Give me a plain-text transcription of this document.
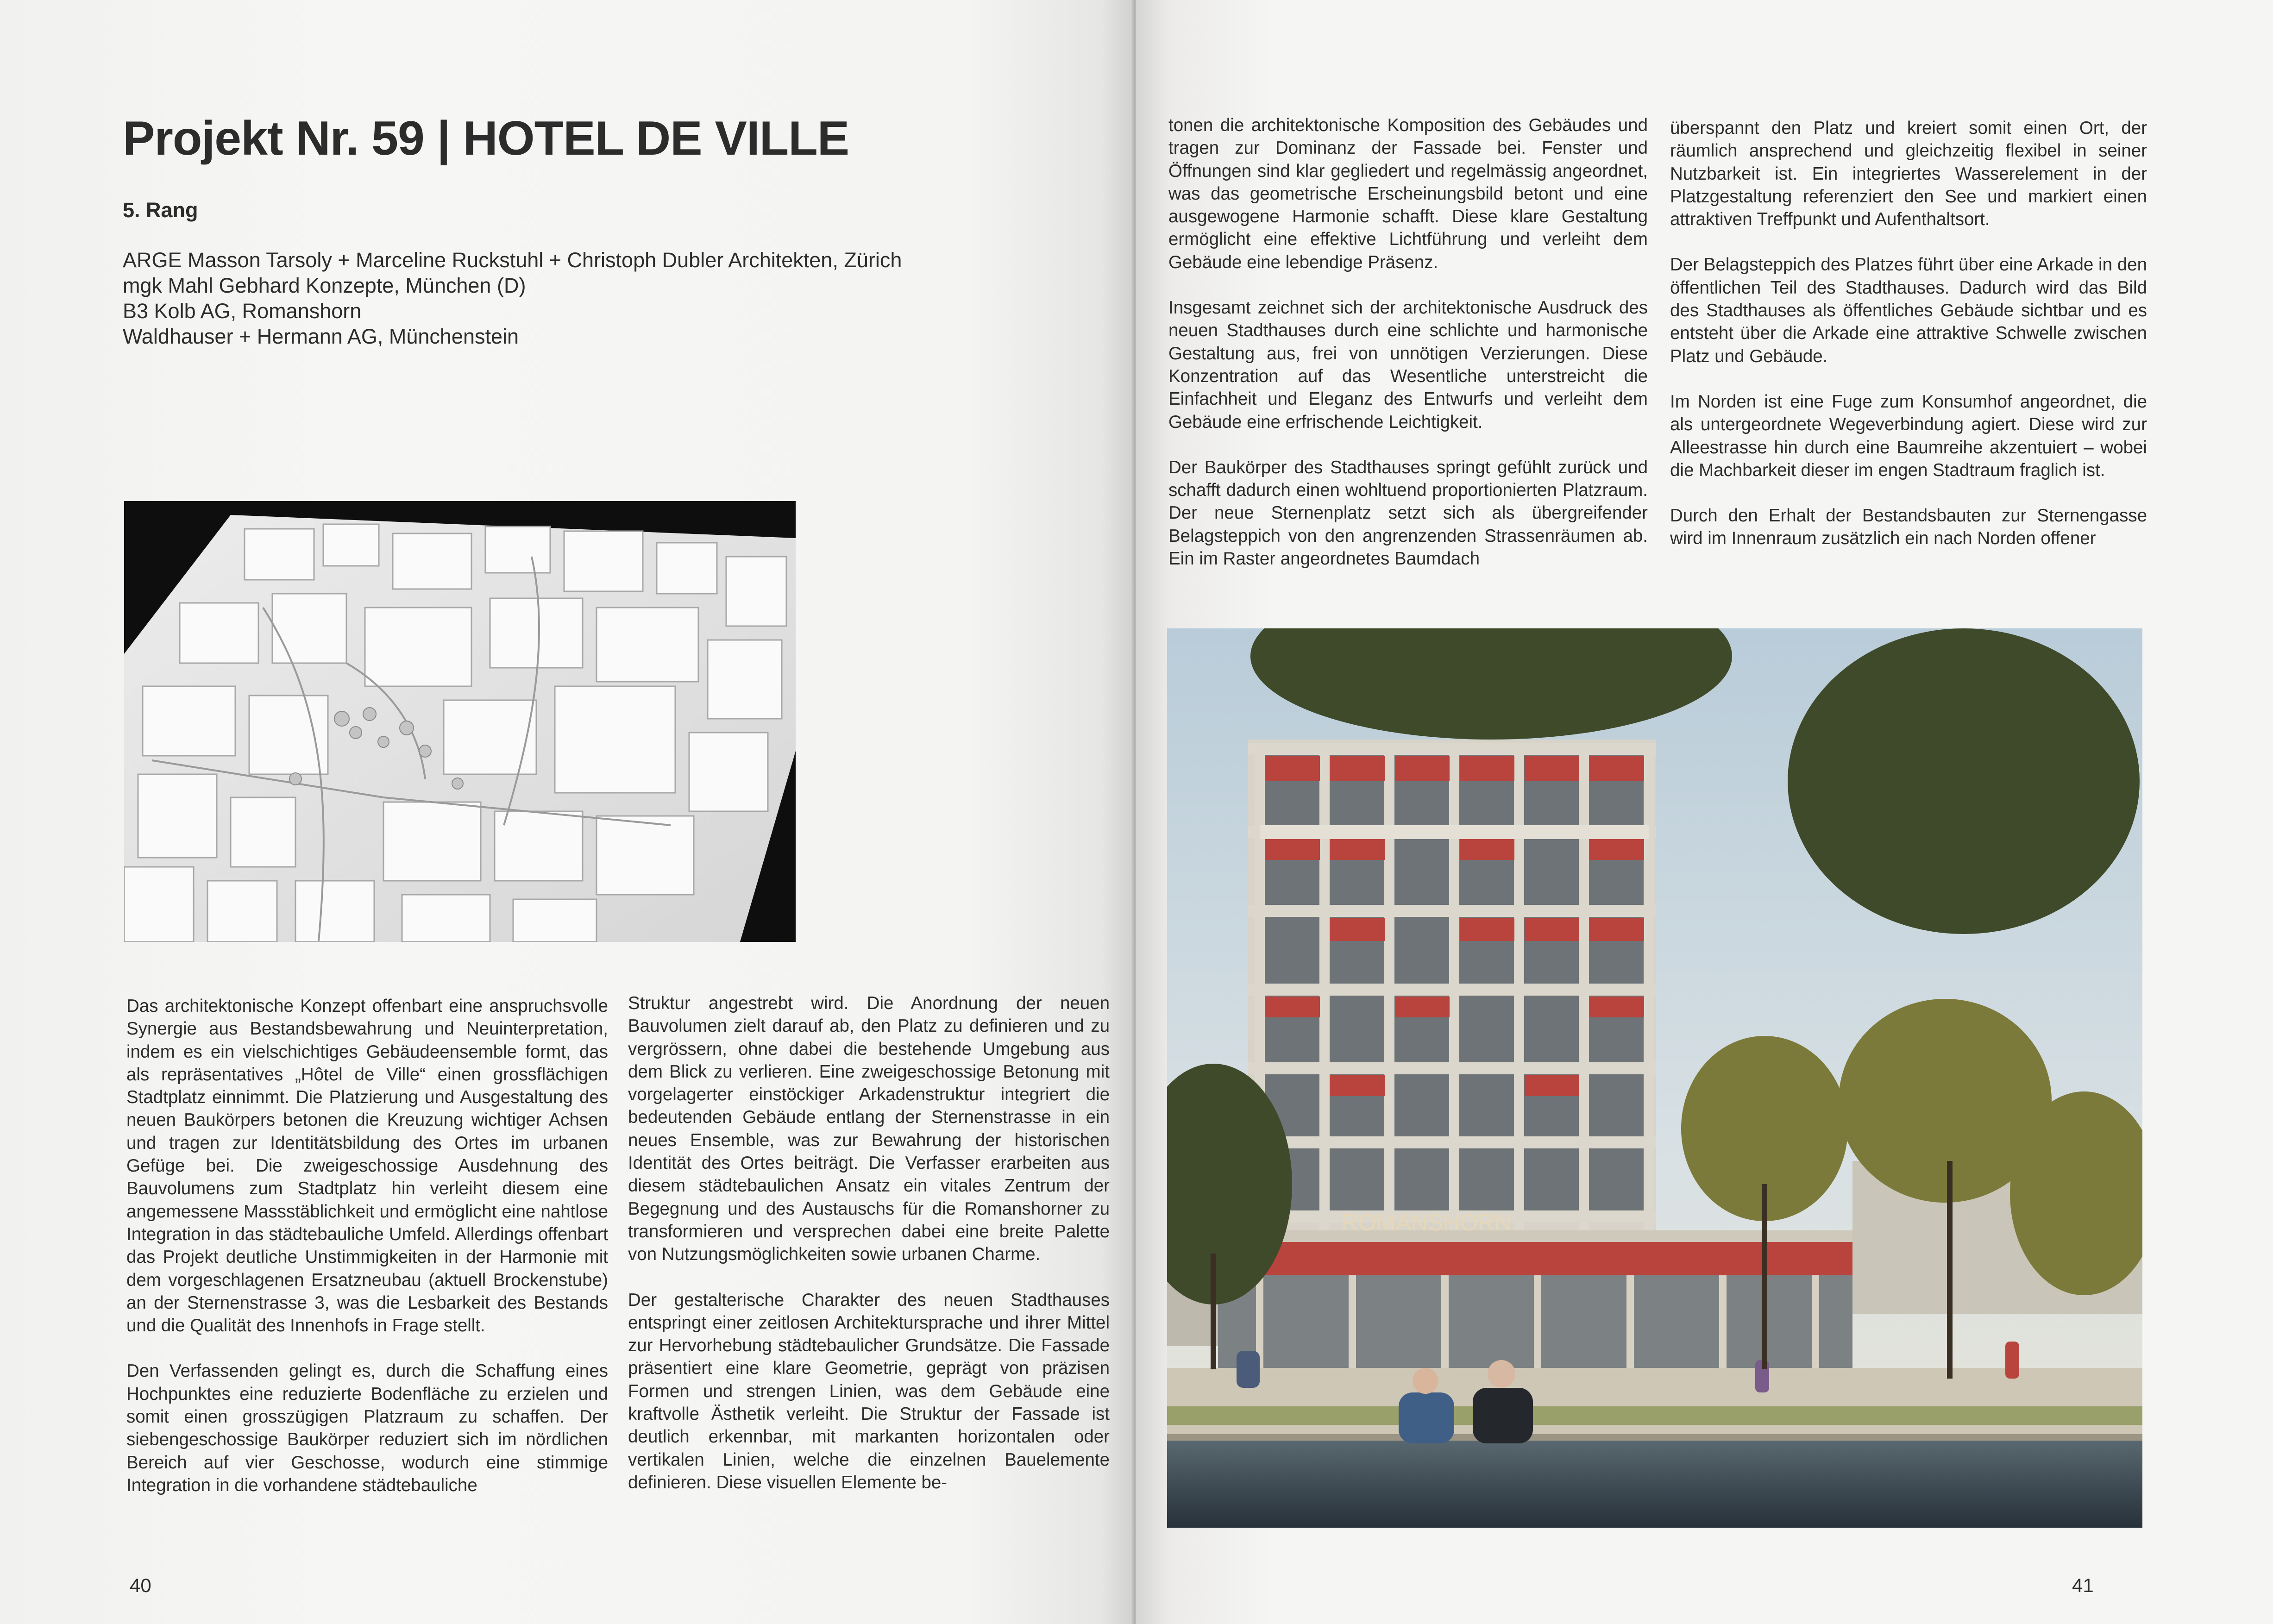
Projekt Nr. 59 | HOTEL DE VILLE
5. Rang
ARGE Masson Tarsoly + Marceline Ruckstuhl + Christoph Dubler Architekten, Zürich
mgk Mahl Gebhard Konzepte, München (D)
B3 Kolb AG, Romanshorn
Waldhauser + Hermann AG, Münchenstein

Das architektonische Konzept offenbart eine anspruchsvolle Synergie aus Bestandsbewahrung und Neuinterpretation, indem es ein vielschichtiges Gebäudeensemble formt, das als repräsentatives „Hôtel de Ville“ einen grossflächigen Stadtplatz einnimmt. Die Platzierung und Ausgestaltung des neuen Baukörpers betonen die Kreuzung wichtiger Achsen und tragen zur Identitätsbildung des Ortes im urbanen Gefüge bei. Die zweigeschossige Ausdehnung des Bauvolumens zum Stadtplatz hin verleiht diesem eine angemessene Massstäblichkeit und ermöglicht eine nahtlose Integration in das städtebauliche Umfeld. Allerdings offenbart das Projekt deutliche Unstimmigkeiten in der Harmonie mit dem vorgeschlagenen Ersatzneubau (aktuell Brockenstube) an der Sternenstrasse 3, was die Lesbarkeit des Bestands und die Qualität des Innenhofs in Frage stellt.

Den Verfassenden gelingt es, durch die Schaffung eines Hochpunktes eine reduzierte Bodenfläche zu erzielen und somit einen grosszügigen Platzraum zu schaffen. Der siebengeschossige Baukörper reduziert sich im nördlichen Bereich auf vier Geschosse, wodurch eine stimmige Integration in die vorhandene städtebauliche

Struktur angestrebt wird. Die Anordnung der neuen Bauvolumen zielt darauf ab, den Platz zu definieren und zu vergrössern, ohne dabei die bestehende Umgebung aus dem Blick zu verlieren. Eine zweigeschossige Betonung mit vorgelagerter einstöckiger Arkadenstruktur integriert die bedeutenden Gebäude entlang der Sternenstrasse in ein neues Ensemble, was zur Bewahrung der historischen Identität des Ortes beiträgt. Die Verfasser erarbeiten aus diesem städtebaulichen Ansatz ein vitales Zentrum der Begegnung und des Austauschs für die Romanshorner zu transformieren und versprechen dabei eine breite Palette von Nutzungsmöglichkeiten sowie urbanen Charme.

Der gestalterische Charakter des neuen Stadthauses entspringt einer zeitlosen Architektursprache und ihrer Mittel zur Hervorhebung städtebaulicher Grundsätze. Die Fassade präsentiert eine klare Geometrie, geprägt von präzisen Formen und strengen Linien, was dem Gebäude eine kraftvolle Ästhetik verleiht. Die Struktur der Fassade ist deutlich erkennbar, mit markanten horizontalen oder vertikalen Linien, welche die einzelnen Bauelemente definieren. Diese visuellen Elemente be-

40

tonen die architektonische Komposition des Gebäudes und tragen zur Dominanz der Fassade bei. Fenster und Öffnungen sind klar gegliedert und regelmässig angeordnet, was das geometrische Erscheinungsbild betont und eine ausgewogene Harmonie schafft. Diese klare Gestaltung ermöglicht eine effektive Lichtführung und verleiht dem Gebäude eine lebendige Präsenz.

Insgesamt zeichnet sich der architektonische Ausdruck des neuen Stadthauses durch eine schlichte und harmonische Gestaltung aus, frei von unnötigen Verzierungen. Diese Konzentration auf das Wesentliche unterstreicht die Einfachheit und Eleganz des Entwurfs und verleiht dem Gebäude eine erfrischende Leichtigkeit.

Der Baukörper des Stadthauses springt gefühlt zurück und schafft dadurch einen wohltuend proportionierten Platzraum. Der neue Sternenplatz setzt sich als übergreifender Belagsteppich von den angrenzenden Strassenräumen ab. Ein im Raster angeordnetes Baumdach

überspannt den Platz und kreiert somit einen Ort, der räumlich ansprechend und gleichzeitig flexibel in seiner Nutzbarkeit ist. Ein integriertes Wasserelement in der Platzgestaltung referenziert den See und markiert einen attraktiven Treffpunkt und Aufenthaltsort.

Der Belagsteppich des Platzes führt über eine Arkade in den öffentlichen Teil des Stadthauses. Dadurch wird das Bild des Stadthauses als öffentliches Gebäude sichtbar und es entsteht über die Arkade eine attraktive Schwelle zwischen Platz und Gebäude.

Im Norden ist eine Fuge zum Konsumhof angeordnet, die als untergeordnete Wegeverbindung agiert. Diese wird zur Alleestrasse hin durch eine Baumreihe akzentuiert – wobei die Machbarkeit dieser im engen Stadtraum fraglich ist.

Durch den Erhalt der Bestandsbauten zur Sternengasse wird im Innenraum zusätzlich ein nach Norden offener

ROMANSHORN
41
